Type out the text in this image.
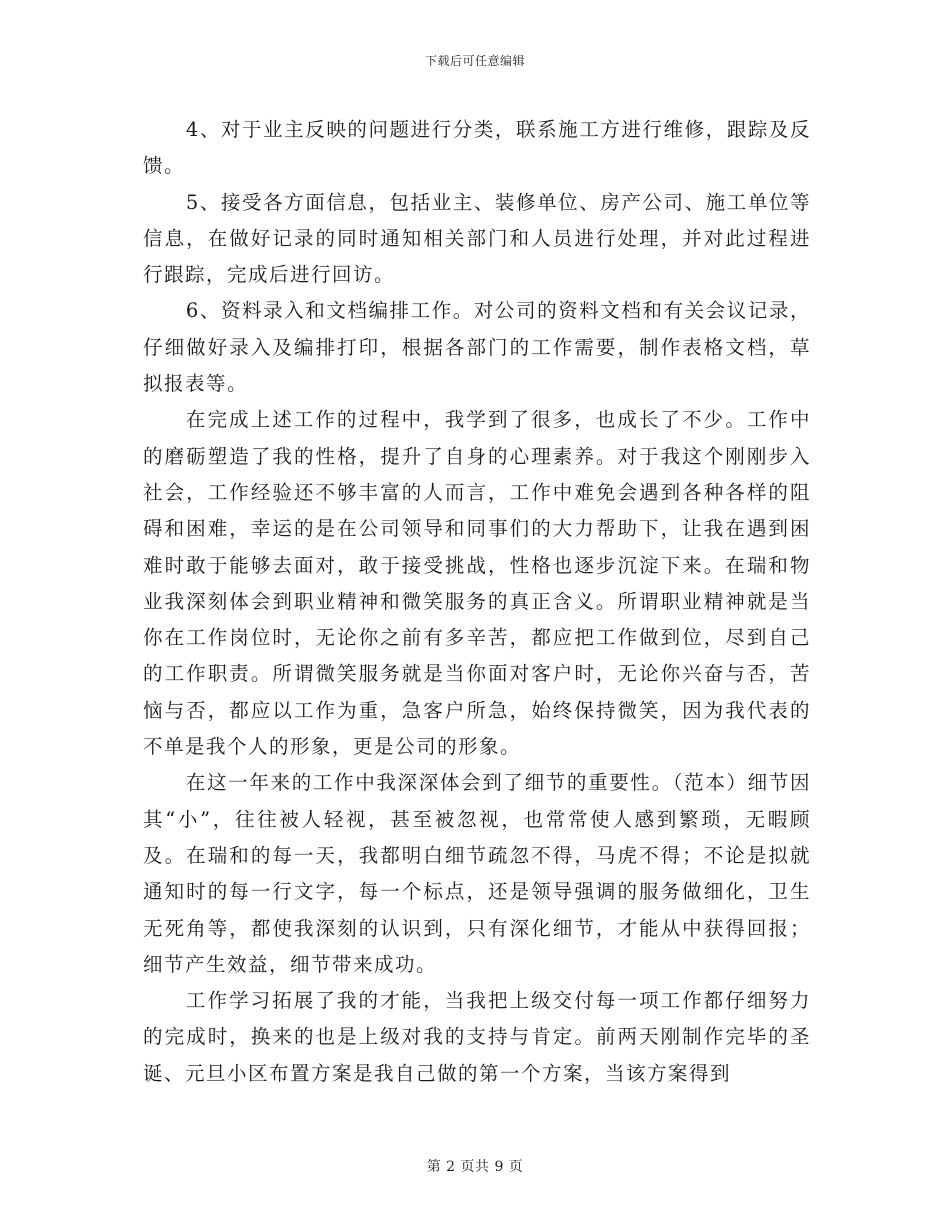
下载后可任意编辑

4、对于业主反映的问题进行分类，联系施工方进行维修，跟踪及反馈。

5、接受各方面信息，包括业主、装修单位、房产公司、施工单位等信息，在做好记录的同时通知相关部门和人员进行处理，并对此过程进行跟踪，完成后进行回访。

6、资料录入和文档编排工作。对公司的资料文档和有关会议记录，仔细做好录入及编排打印，根据各部门的工作需要，制作表格文档，草拟报表等。

在完成上述工作的过程中，我学到了很多，也成长了不少。工作中的磨砺塑造了我的性格，提升了自身的心理素养。对于我这个刚刚步入社会，工作经验还不够丰富的人而言，工作中难免会遇到各种各样的阻碍和困难，幸运的是在公司领导和同事们的大力帮助下，让我在遇到困难时敢于能够去面对，敢于接受挑战，性格也逐步沉淀下来。在瑞和物业我深刻体会到职业精神和微笑服务的真正含义。所谓职业精神就是当你在工作岗位时，无论你之前有多辛苦，都应把工作做到位，尽到自己的工作职责。所谓微笑服务就是当你面对客户时，无论你兴奋与否，苦恼与否，都应以工作为重，急客户所急，始终保持微笑，因为我代表的不单是我个人的形象，更是公司的形象。

在这一年来的工作中我深深体会到了细节的重要性。（范本）细节因其“小”，往往被人轻视，甚至被忽视，也常常使人感到繁琐，无暇顾及。在瑞和的每一天，我都明白细节疏忽不得，马虎不得；不论是拟就通知时的每一行文字，每一个标点，还是领导强调的服务做细化，卫生无死角等，都使我深刻的认识到，只有深化细节，才能从中获得回报；细节产生效益，细节带来成功。

工作学习拓展了我的才能，当我把上级交付每一项工作都仔细努力的完成时，换来的也是上级对我的支持与肯定。前两天刚制作完毕的圣诞、元旦小区布置方案是我自己做的第一个方案，当该方案得到

第 2 页共 9 页
